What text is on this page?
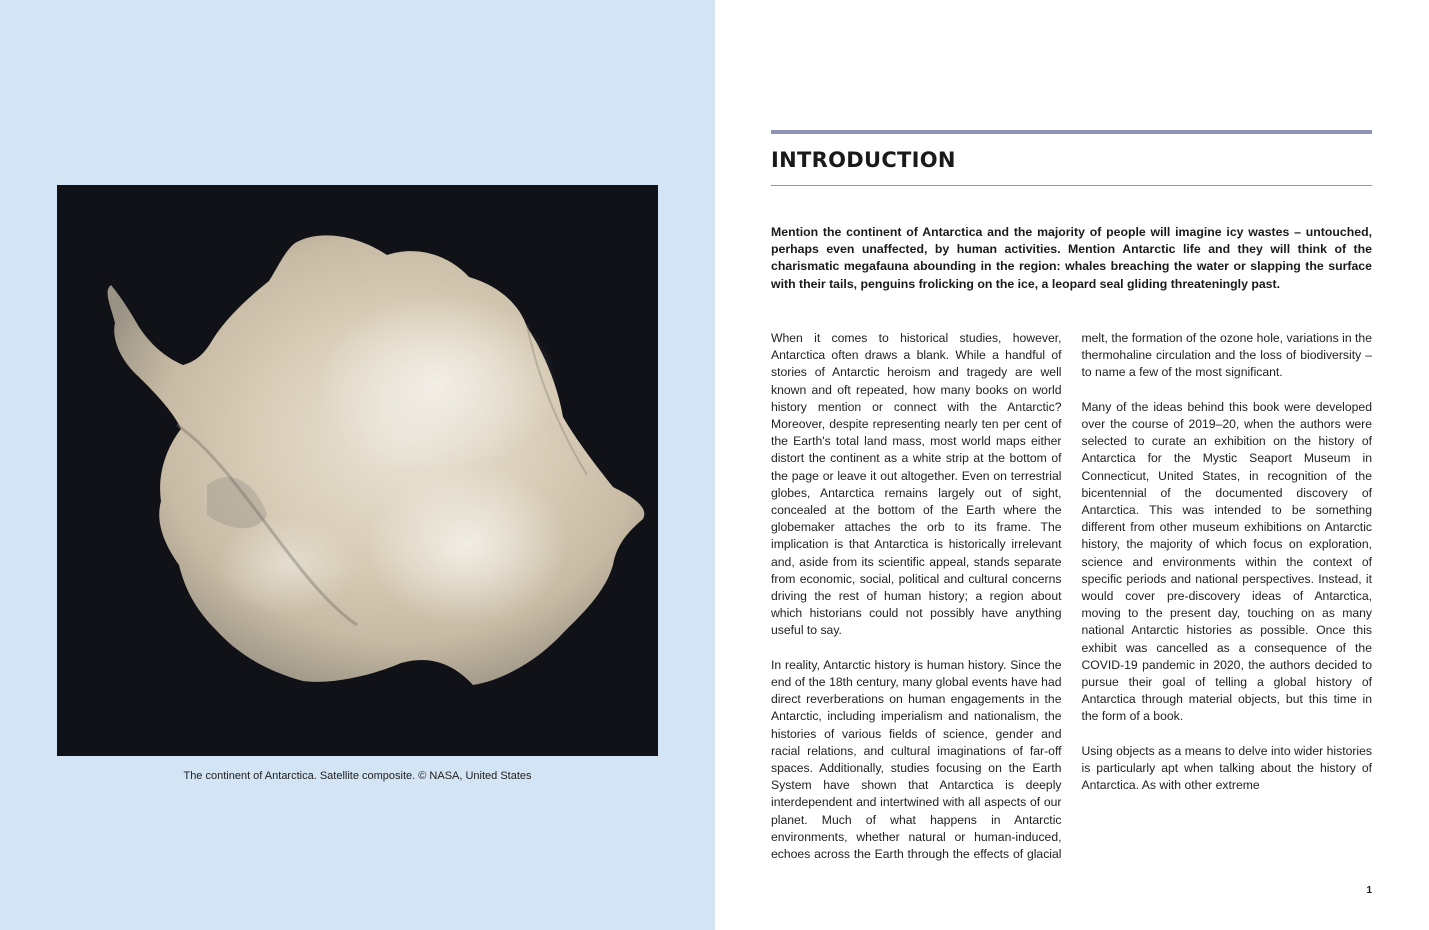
The continent of Antarctica. Satellite composite. © NASA, United States
INTRODUCTION

Mention the continent of Antarctica and the majority of people will imagine icy wastes – untouched, perhaps even unaffected, by human activities. Mention Antarctic life and they will think of the charismatic megafauna abounding in the region: whales breaching the water or slapping the surface with their tails, penguins frolicking on the ice, a leopard seal gliding threateningly past.

When it comes to historical studies, however, Antarctica often draws a blank. While a handful of stories of Antarctic heroism and tragedy are well known and oft repeated, how many books on world history mention or connect with the Antarctic? Moreover, despite representing nearly ten per cent of the Earth's total land mass, most world maps either distort the continent as a white strip at the bottom of the page or leave it out altogether. Even on terrestrial globes, Antarctica remains largely out of sight, concealed at the bottom of the Earth where the globemaker attaches the orb to its frame. The implication is that Antarctica is historically irrelevant and, aside from its scientific appeal, stands separate from economic, social, political and cultural concerns driving the rest of human history; a region about which historians could not possibly have anything useful to say.

In reality, Antarctic history is human history. Since the end of the 18th century, many global events have had direct reverberations on human engagements in the Antarctic, including imperialism and nationalism, the histories of various fields of science, gender and racial relations, and cultural imaginations of far-off spaces. Additionally, studies focusing on the Earth System have shown that Antarctica is deeply interdependent and intertwined with all aspects of our planet. Much of what happens in Antarctic environments, whether natural or human-induced, echoes across the Earth through the effects of glacial melt, the formation of the ozone hole, variations in the thermohaline circulation and the loss of biodiversity – to name a few of the most significant.

Many of the ideas behind this book were developed over the course of 2019–20, when the authors were selected to curate an exhibition on the history of Antarctica for the Mystic Seaport Museum in Connecticut, United States, in recognition of the bicentennial of the documented discovery of Antarctica. This was intended to be something different from other museum exhibitions on Antarctic history, the majority of which focus on exploration, science and environments within the context of specific periods and national perspectives. Instead, it would cover pre-discovery ideas of Antarctica, moving to the present day, touching on as many national Antarctic histories as possible. Once this exhibit was cancelled as a consequence of the COVID-19 pandemic in 2020, the authors decided to pursue their goal of telling a global history of Antarctica through material objects, but this time in the form of a book.

Using objects as a means to delve into wider histories is particularly apt when talking about the history of Antarctica. As with other extreme

1
